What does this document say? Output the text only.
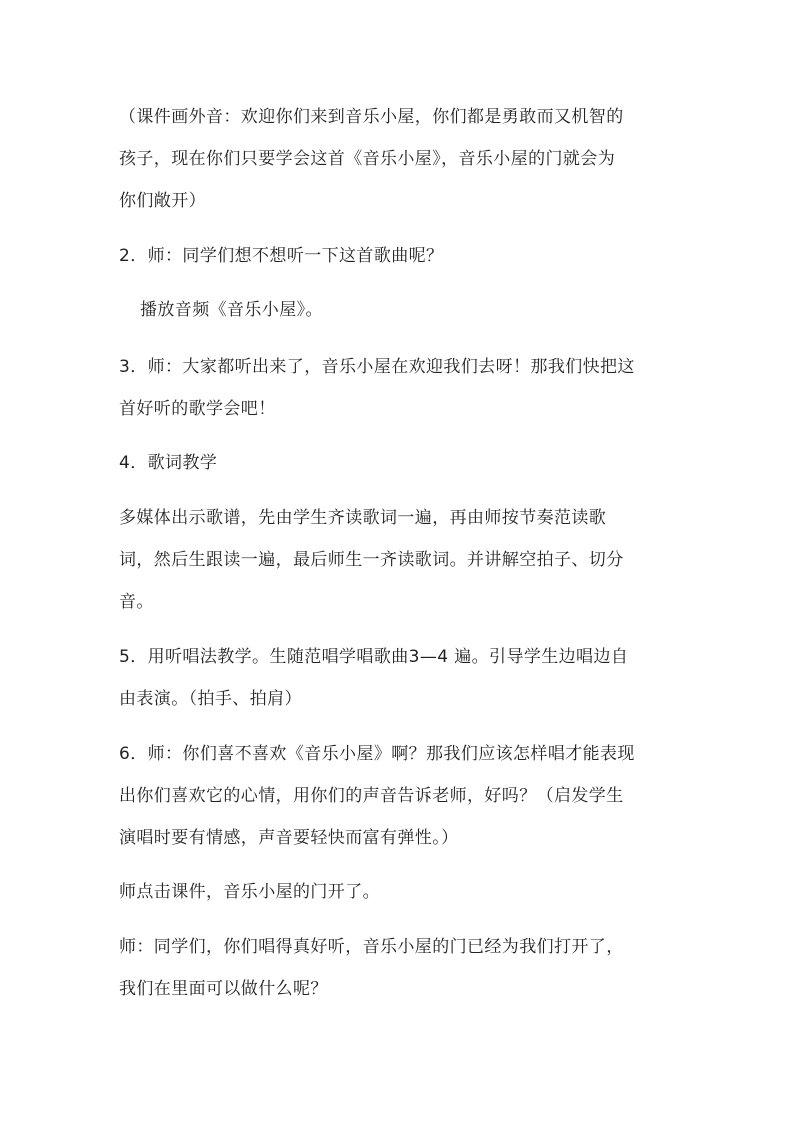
（课件画外音：欢迎你们来到音乐小屋，你们都是勇敢而又机智的
孩子，现在你们只要学会这首《音乐小屋》，音乐小屋的门就会为
你们敞开）
2．师：同学们想不想听一下这首歌曲呢？
播放音频《音乐小屋》。
3．师：大家都听出来了，音乐小屋在欢迎我们去呀！那我们快把这
首好听的歌学会吧！
4．歌词教学
多媒体出示歌谱，先由学生齐读歌词一遍，再由师按节奏范读歌
词，然后生跟读一遍，最后师生一齐读歌词。并讲解空拍子、切分
音。
5．用听唱法教学。生随范唱学唱歌曲3—4 遍。引导学生边唱边自
由表演。（拍手、拍肩）
6．师：你们喜不喜欢《音乐小屋》啊？那我们应该怎样唱才能表现
出你们喜欢它的心情，用你们的声音告诉老师，好吗？（启发学生
演唱时要有情感，声音要轻快而富有弹性。）
师点击课件，音乐小屋的门开了。
师：同学们，你们唱得真好听，音乐小屋的门已经为我们打开了，
我们在里面可以做什么呢？
